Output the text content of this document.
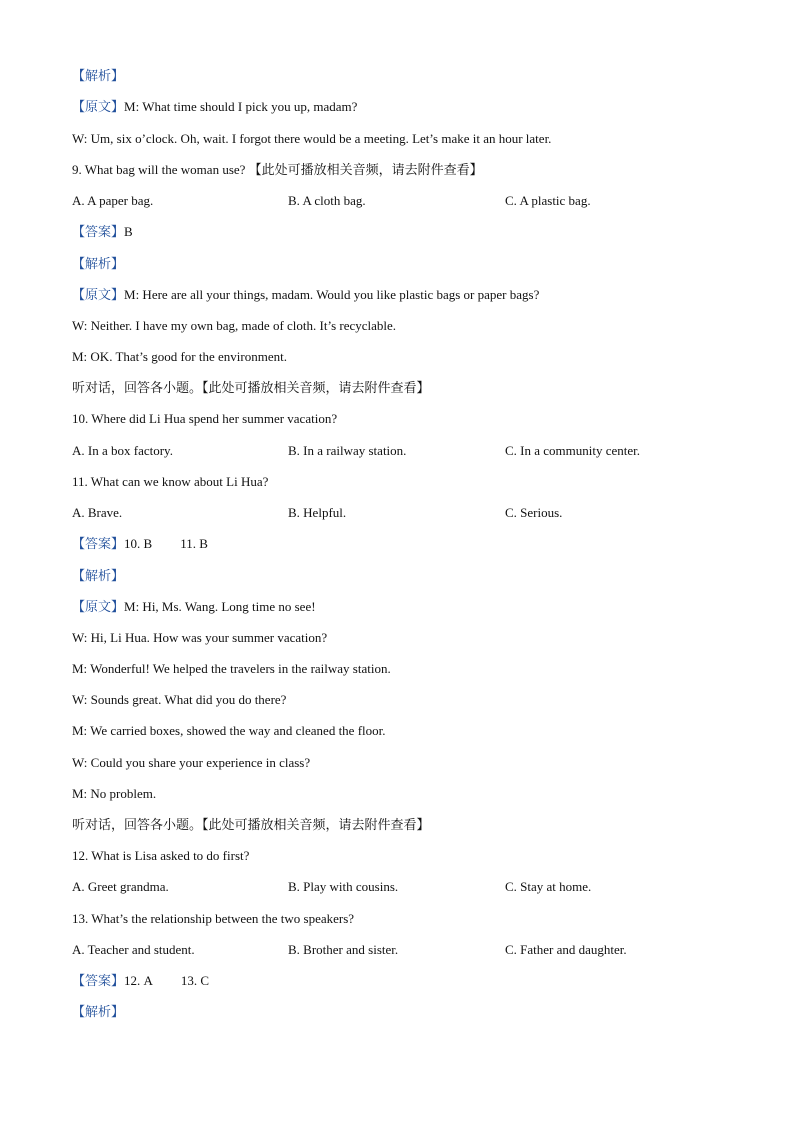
【解析】
【原文】M: What time should I pick you up, madam?
W: Um, six o’clock. Oh, wait. I forgot there would be a meeting. Let’s make it an hour later.
9. What bag will the woman use? 【此处可播放相关音频，请去附件查看】
A. A paper bag.	B. A cloth bag.	C. A plastic bag.
【答案】B
【解析】
【原文】M: Here are all your things, madam. Would you like plastic bags or paper bags?
W: Neither. I have my own bag, made of cloth. It’s recyclable.
M: OK. That’s good for the environment.
听对话，回答各小题。【此处可播放相关音频，请去附件查看】
10. Where did Li Hua spend her summer vacation?
A. In a box factory.	B. In a railway station.	C. In a community center.
11. What can we know about Li Hua?
A. Brave.	B. Helpful.	C. Serious.
【答案】10. B 11. B
【解析】
【原文】M: Hi, Ms. Wang. Long time no see!
W: Hi, Li Hua. How was your summer vacation?
M: Wonderful! We helped the travelers in the railway station.
W: Sounds great. What did you do there?
M: We carried boxes, showed the way and cleaned the floor.
W: Could you share your experience in class?
M: No problem.
听对话，回答各小题。【此处可播放相关音频，请去附件查看】
12. What is Lisa asked to do first?
A. Greet grandma.	B. Play with cousins.	C. Stay at home.
13. What’s the relationship between the two speakers?
A. Teacher and student.	B. Brother and sister.	C. Father and daughter.
【答案】12. A 13. C
【解析】
